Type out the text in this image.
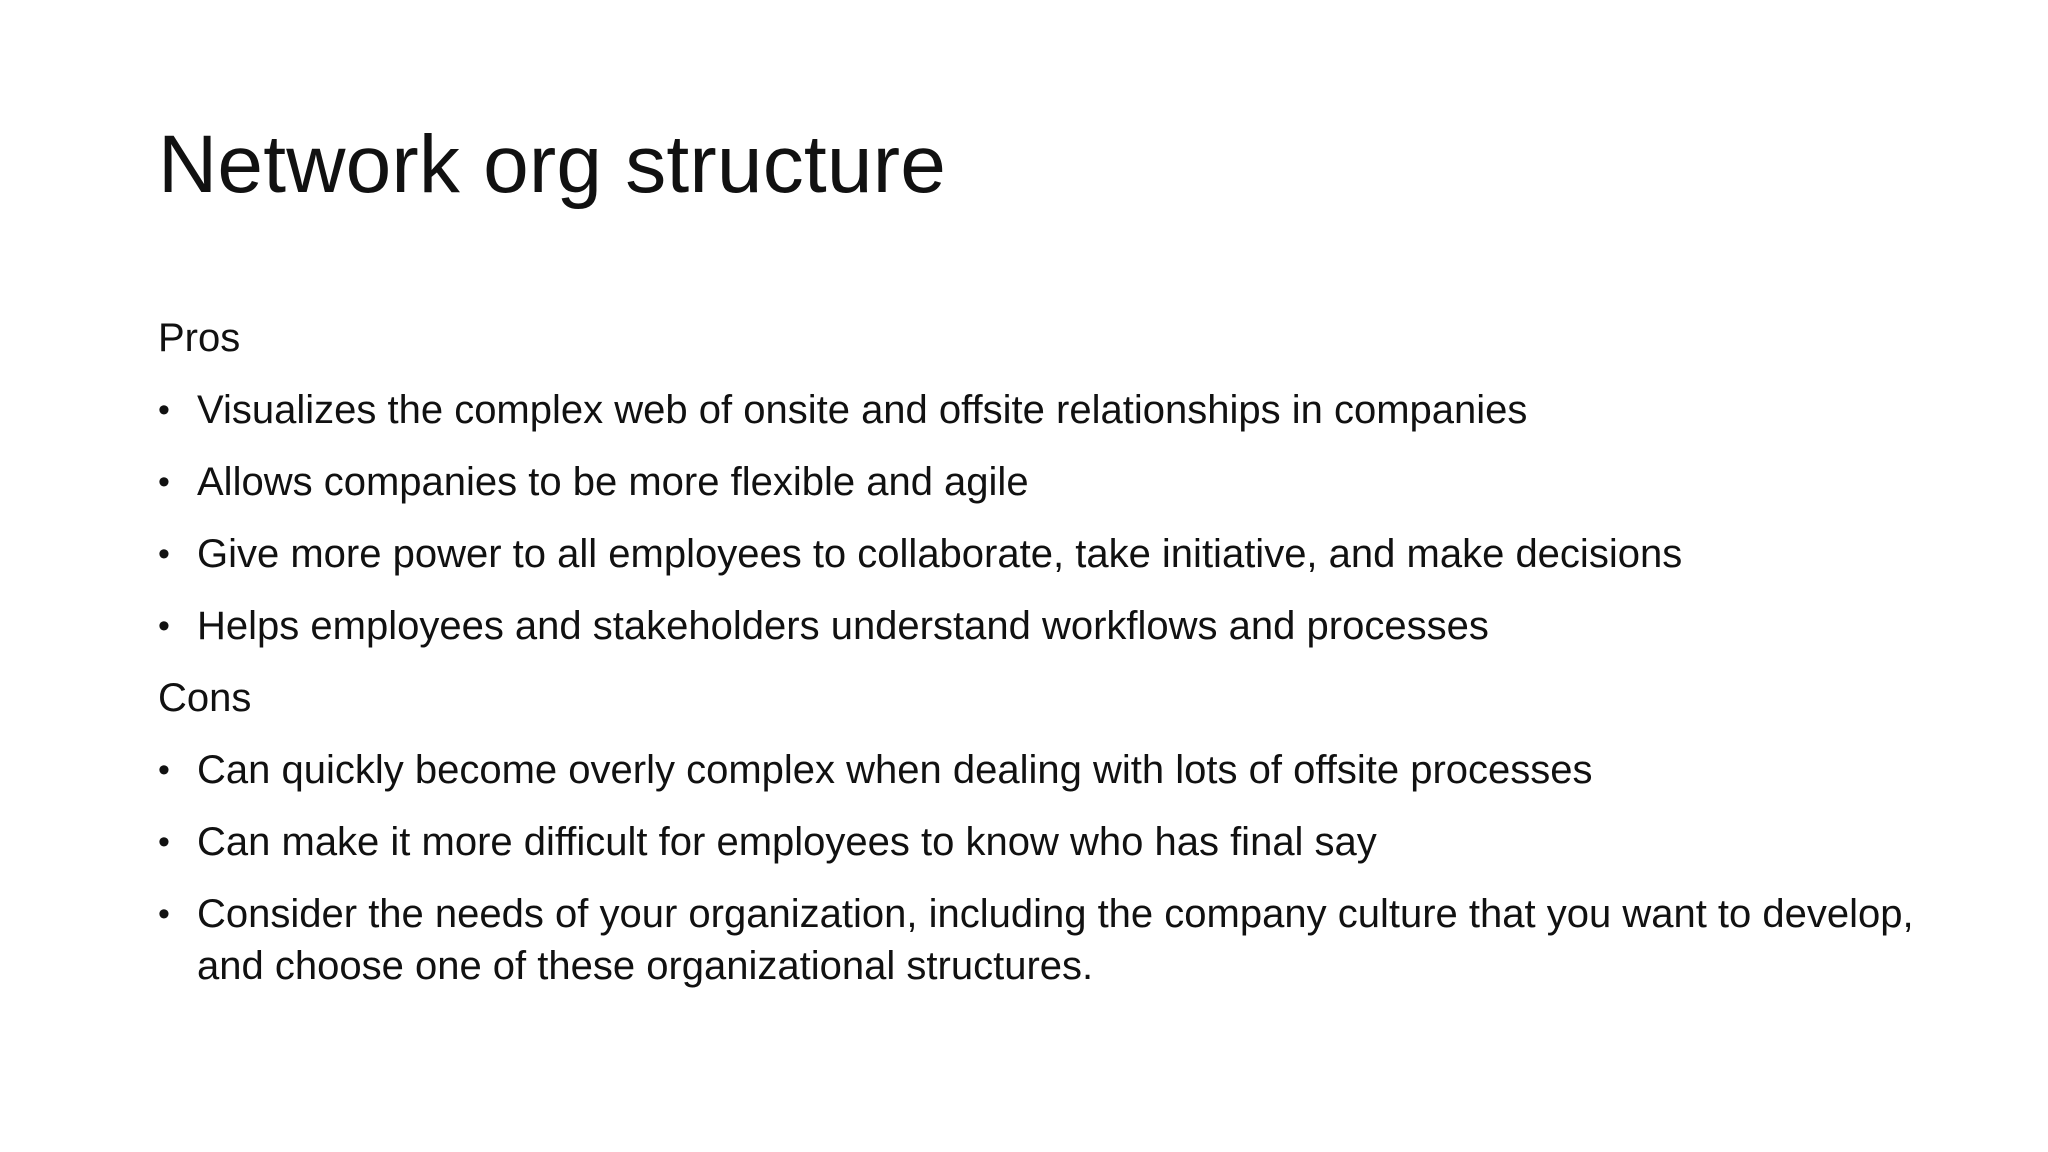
Network org structure

Pros

• Visualizes the complex web of onsite and offsite relationships in companies
• Allows companies to be more flexible and agile
• Give more power to all employees to collaborate, take initiative, and make decisions
• Helps employees and stakeholders understand workflows and processes

Cons

• Can quickly become overly complex when dealing with lots of offsite processes
• Can make it more difficult for employees to know who has final say
• Consider the needs of your organization, including the company culture that you want to develop, and choose one of these organizational structures.
